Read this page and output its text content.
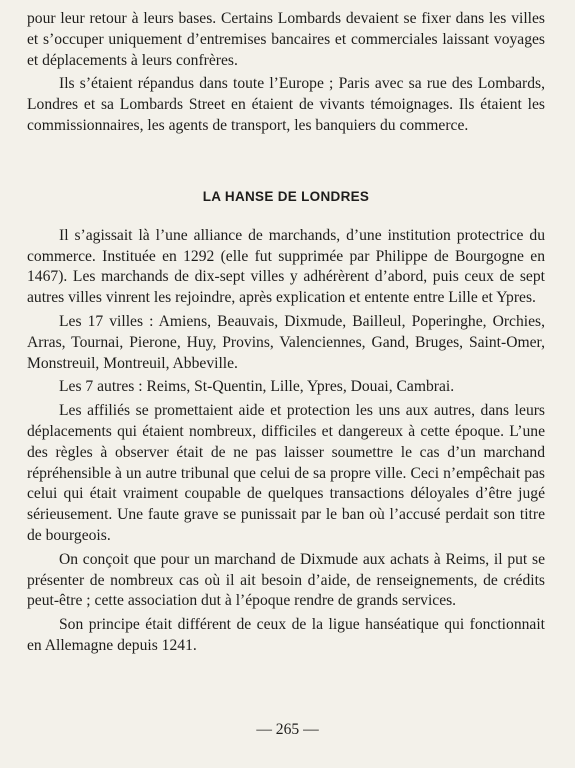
pour leur retour à leurs bases. Certains Lombards devaient se fixer dans les villes et s’occuper uniquement d’entremises bancaires et commerciales laissant voyages et déplacements à leurs confrères.

Ils s’étaient répandus dans toute l’Europe ; Paris avec sa rue des Lombards, Londres et sa Lombards Street en étaient de vivants témoignages. Ils étaient les commissionnaires, les agents de transport, les banquiers du commerce.

LA HANSE DE LONDRES

Il s’agissait là l’une alliance de marchands, d’une institution protectrice du commerce. Instituée en 1292 (elle fut supprimée par Philippe de Bourgogne en 1467). Les marchands de dix-sept villes y adhérèrent d’abord, puis ceux de sept autres villes vinrent les rejoindre, après explication et entente entre Lille et Ypres.

Les 17 villes : Amiens, Beauvais, Dixmude, Bailleul, Poperinghe, Orchies, Arras, Tournai, Pierone, Huy, Provins, Valenciennes, Gand, Bruges, Saint-Omer, Monstreuil, Montreuil, Abbeville.

Les 7 autres : Reims, St-Quentin, Lille, Ypres, Douai, Cambrai.

Les affiliés se promettaient aide et protection les uns aux autres, dans leurs déplacements qui étaient nombreux, difficiles et dangereux à cette époque. L’une des règles à observer était de ne pas laisser soumettre le cas d’un marchand répréhensible à un autre tribunal que celui de sa propre ville. Ceci n’empêchait pas celui qui était vraiment coupable de quelques transactions déloyales d’être jugé sérieusement. Une faute grave se punissait par le ban où l’accusé perdait son titre de bourgeois.

On conçoit que pour un marchand de Dixmude aux achats à Reims, il put se présenter de nombreux cas où il ait besoin d’aide, de renseignements, de crédits peut-être ; cette association dut à l’époque rendre de grands services.

Son principe était différent de ceux de la ligue hanséatique qui fonctionnait en Allemagne depuis 1241.

— 265 —
